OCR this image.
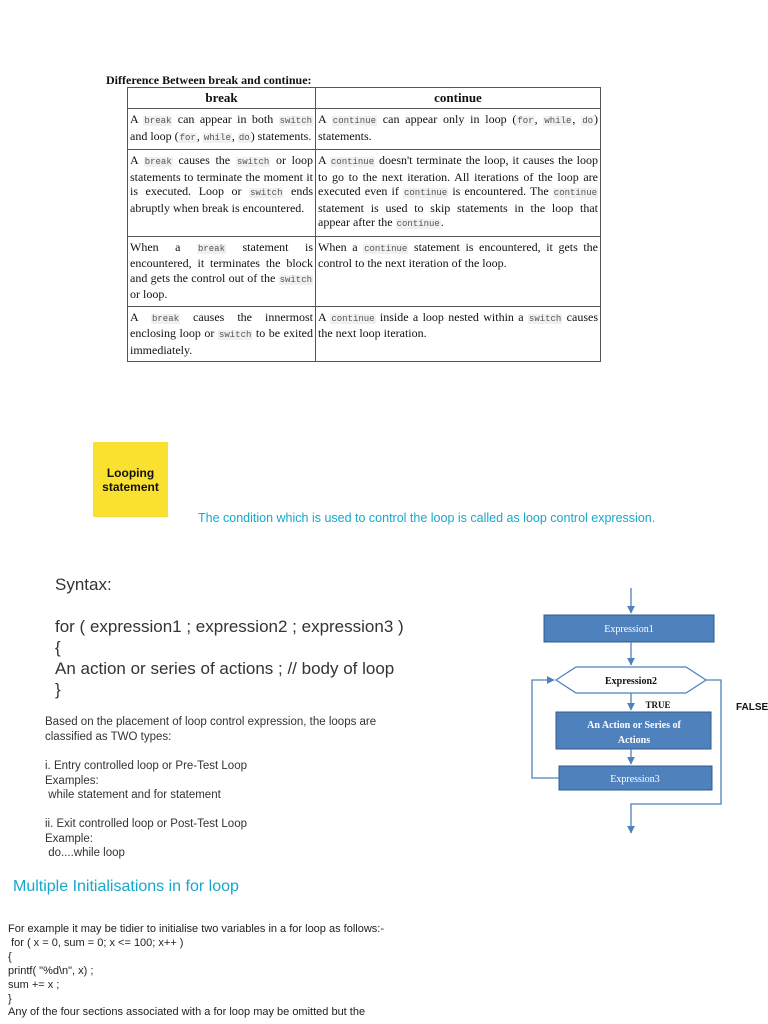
Difference Between break and continue:
break	continue
A break can appear in both switch and loop (for, while, do) statements.	A continue can appear only in loop (for, while, do) statements.
A break causes the switch or loop statements to terminate the moment it is executed. Loop or switch ends abruptly when break is encountered.	A continue doesn't terminate the loop, it causes the loop to go to the next iteration. All iterations of the loop are executed even if continue is encountered. The continue statement is used to skip statements in the loop that appear after the continue.
When a break statement is encountered, it terminates the block and gets the control out of the switch or loop.	When a continue statement is encountered, it gets the control to the next iteration of the loop.
A break causes the innermost enclosing loop or switch to be exited immediately.	A continue inside a loop nested within a switch causes the next loop iteration.
Looping
statement
The condition which is used to control the loop is called as loop control expression.
Syntax:
for ( expression1 ; expression2 ; expression3 )
{
An action or series of actions ; // body of loop
}
Based on the placement of loop control expression, the loops are
classified as TWO types:
i. Entry controlled loop or Pre-Test Loop
Examples:
while statement and for statement
ii. Exit controlled loop or Post-Test Loop
Example:
do....while loop
Expression1
Expression2
TRUE
An Action or Series of
Actions
Expression3
FALSE
Multiple Initialisations in for loop
For example it may be tidier to initialise two variables in a for loop as follows:-
for ( x = 0, sum = 0; x <= 100; x++ )
{
printf( "%d\n", x) ;
sum += x ;
}
Any of the four sections associated with a for loop may be omitted but the
